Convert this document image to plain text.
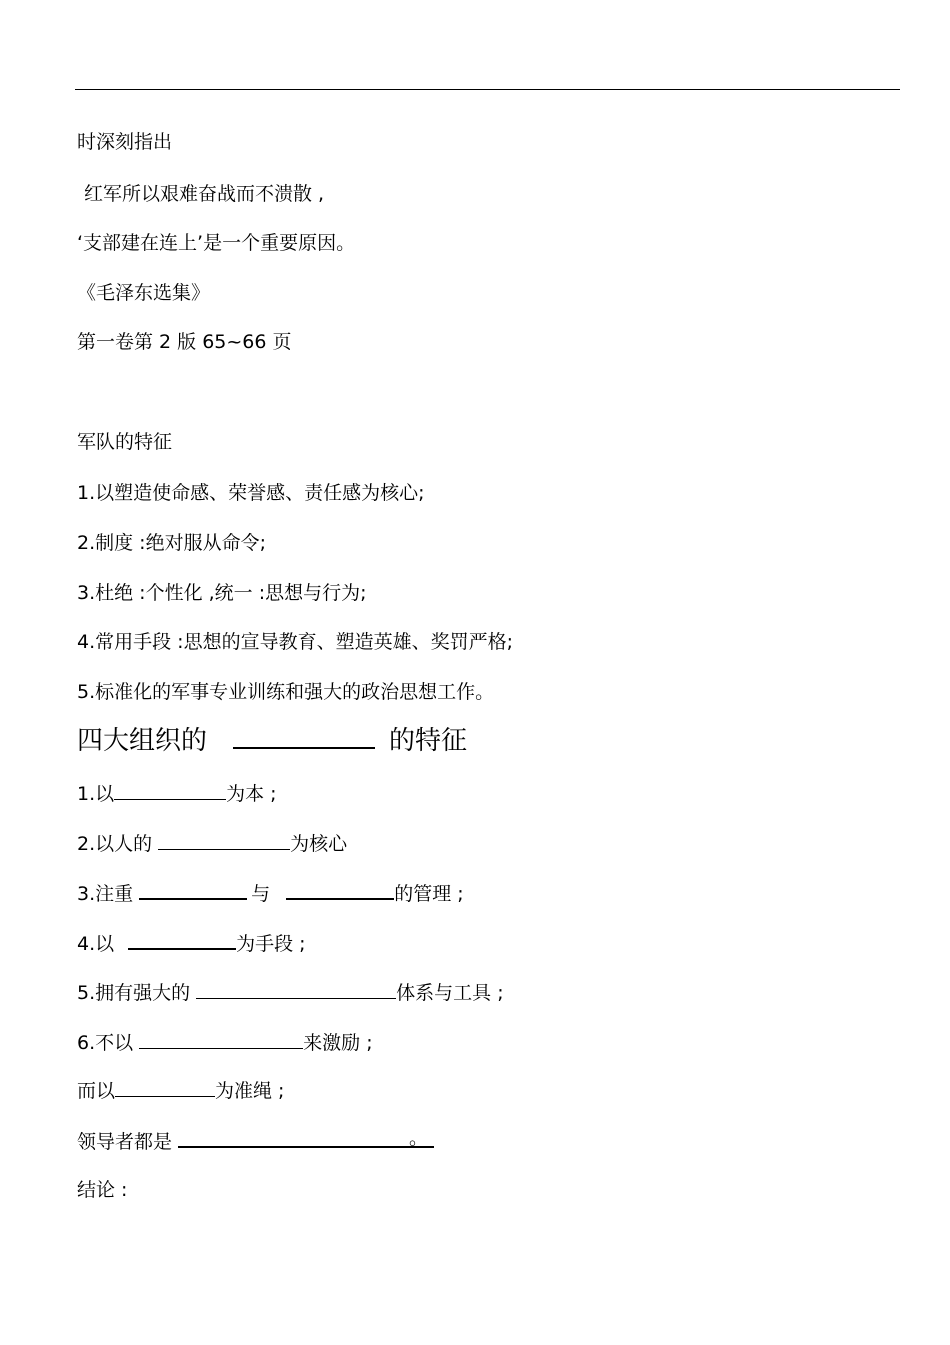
时深刻指出
红军所以艰难奋战而不溃散 ,
‘支部建在连上’是一个重要原因。
《毛泽东选集》
第一卷第 2 版 65~66 页
军队的特征
1.以塑造使命感、荣誉感、责任感为核心;
2.制度 :绝对服从命令;
3.杜绝 :个性化 ,统一 :思想与行为;
4.常用手段 :思想的宣导教育、塑造英雄、奖罚严格;
5.标准化的军事专业训练和强大的政治思想工作。
四大组织的	的特征
1.以	为本 ;
2.以人的	为核心
3.注重	与	的管理 ;
4.以	为手段 ;
5.拥有强大的	体系与工具 ;
6.不以	来激励 ;
而以	为准绳 ;
领导者都是	。
结论 :
